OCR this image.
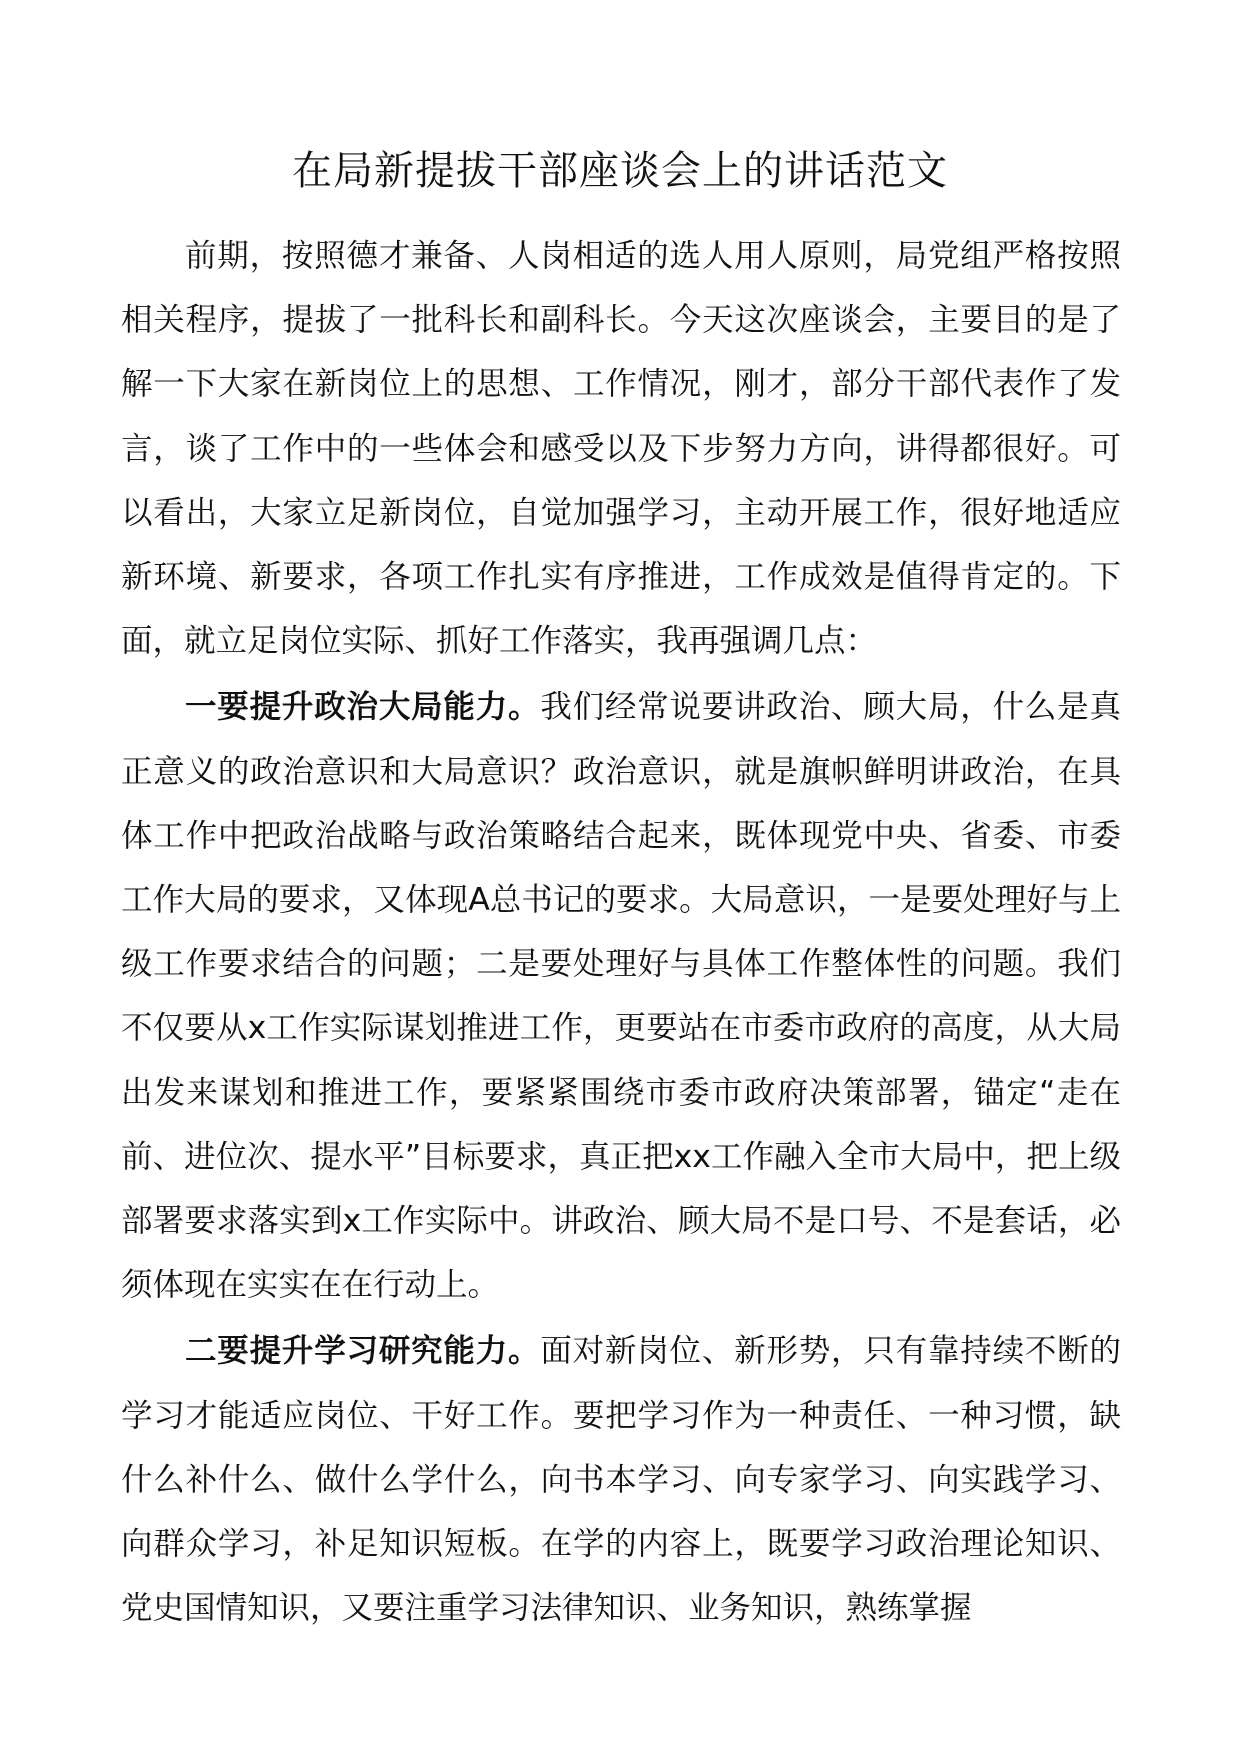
在局新提拔干部座谈会上的讲话范文

前期，按照德才兼备、人岗相适的选人用人原则，局党组严格按照相关程序，提拔了一批科长和副科长。今天这次座谈会，主要目的是了解一下大家在新岗位上的思想、工作情况，刚才，部分干部代表作了发言，谈了工作中的一些体会和感受以及下步努力方向，讲得都很好。可以看出，大家立足新岗位，自觉加强学习，主动开展工作，很好地适应新环境、新要求，各项工作扎实有序推进，工作成效是值得肯定的。下面，就立足岗位实际、抓好工作落实，我再强调几点：

一要提升政治大局能力。我们经常说要讲政治、顾大局，什么是真正意义的政治意识和大局意识？政治意识，就是旗帜鲜明讲政治，在具体工作中把政治战略与政治策略结合起来，既体现党中央、省委、市委工作大局的要求，又体现A总书记的要求。大局意识，一是要处理好与上级工作要求结合的问题；二是要处理好与具体工作整体性的问题。我们不仅要从x工作实际谋划推进工作，更要站在市委市政府的高度，从大局出发来谋划和推进工作，要紧紧围绕市委市政府决策部署，锚定“走在前、进位次、提水平”目标要求，真正把xx工作融入全市大局中，把上级部署要求落实到x工作实际中。讲政治、顾大局不是口号、不是套话，必须体现在实实在在行动上。

二要提升学习研究能力。面对新岗位、新形势，只有靠持续不断的学习才能适应岗位、干好工作。要把学习作为一种责任、一种习惯，缺什么补什么、做什么学什么，向书本学习、向专家学习、向实践学习、向群众学习，补足知识短板。在学的内容上，既要学习政治理论知识、党史国情知识，又要注重学习法律知识、业务知识，熟练掌握
